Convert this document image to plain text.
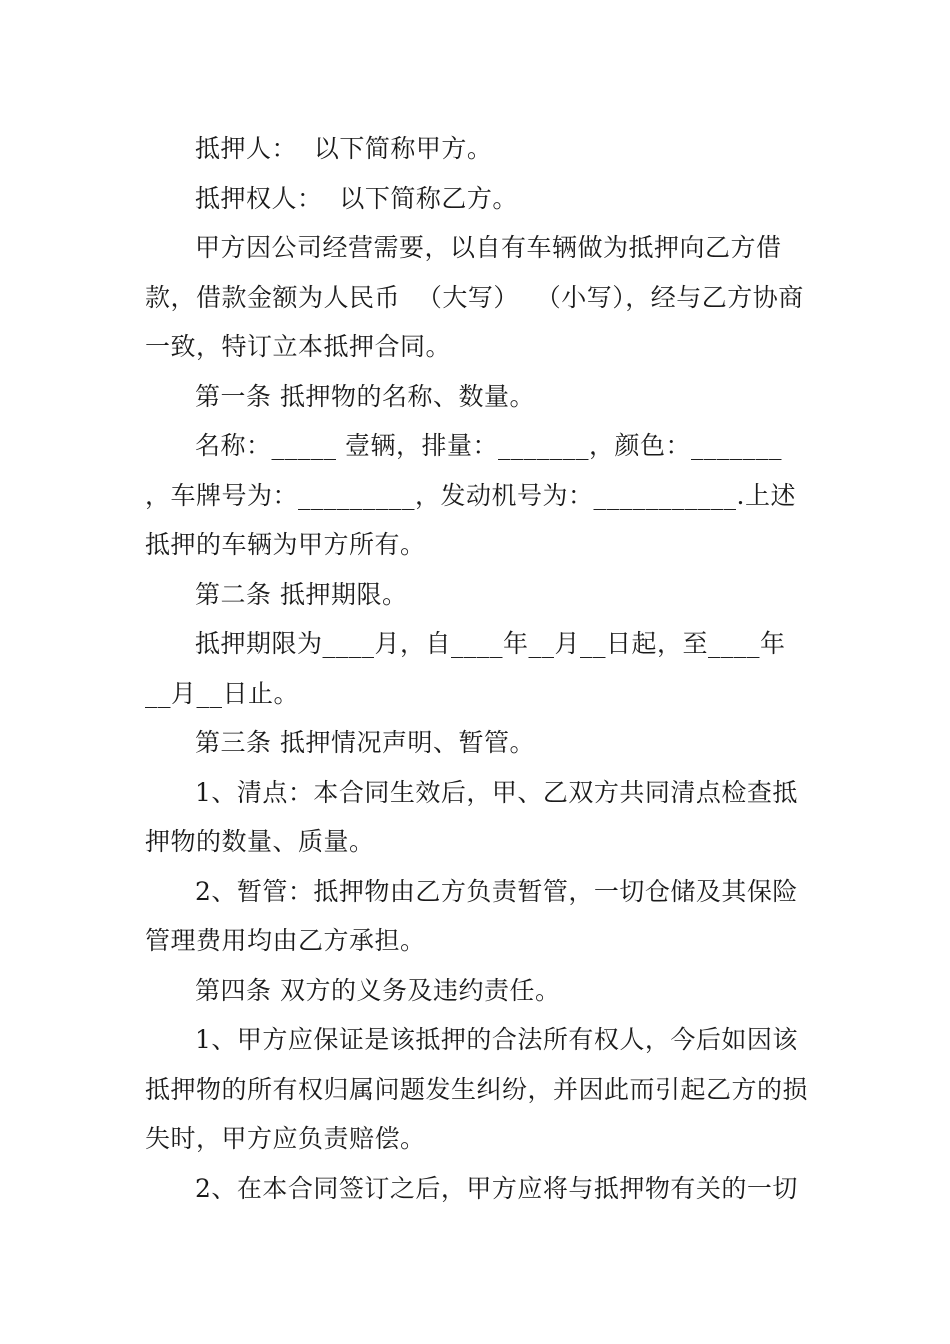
抵押人：  以下简称甲方。

抵押权人：  以下简称乙方。

甲方因公司经营需要，以自有车辆做为抵押向乙方借款，借款金额为人民币  （大写）  （小写），经与乙方协商一致，特订立本抵押合同。

第一条 抵押物的名称、数量。

名称：_____ 壹辆，排量：_______，颜色：_______ ，车牌号为：_________，发动机号为：___________.上述抵押的车辆为甲方所有。

第二条 抵押期限。

抵押期限为____月，自____年__月__日起，至____年__月__日止。

第三条 抵押情况声明、暂管。

1、清点：本合同生效后，甲、乙双方共同清点检查抵押物的数量、质量。

2、暂管：抵押物由乙方负责暂管，一切仓储及其保险管理费用均由乙方承担。

第四条 双方的义务及违约责任。

1、甲方应保证是该抵押的合法所有权人，今后如因该抵押物的所有权归属问题发生纠纷，并因此而引起乙方的损失时，甲方应负责赔偿。

2、在本合同签订之后，甲方应将与抵押物有关的一切
